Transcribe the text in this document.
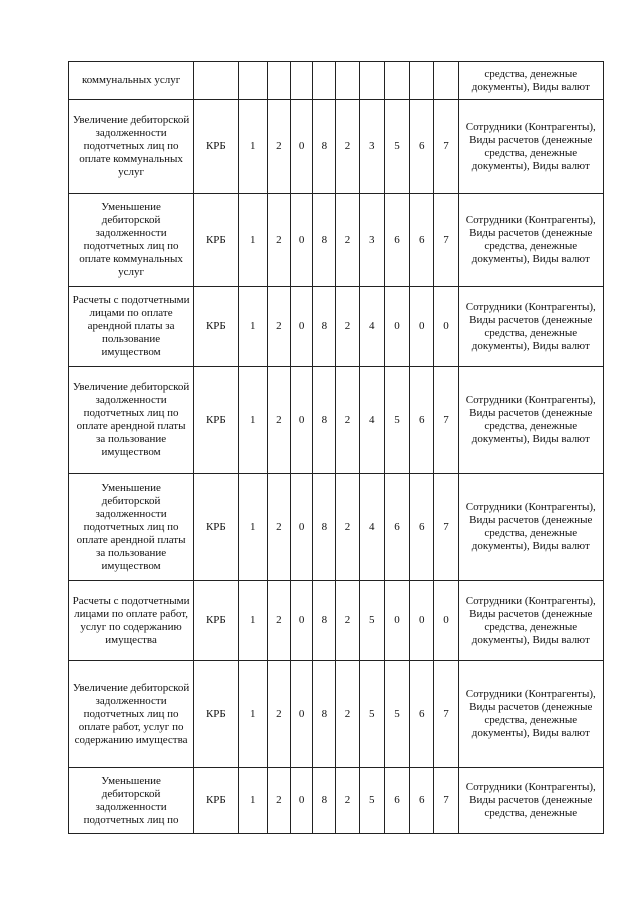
коммунальных услуг											средства, денежные документы), Виды валют
Увеличение дебиторской задолженности подотчетных лиц по оплате коммунальных услуг	КРБ	1	2	0	8	2	3	5	6	7	Сотрудники (Контрагенты), Виды расчетов (денежные средства, денежные документы), Виды валют
Уменьшение дебиторской задолженности подотчетных лиц по оплате коммунальных услуг	КРБ	1	2	0	8	2	3	6	6	7	Сотрудники (Контрагенты), Виды расчетов (денежные средства, денежные документы), Виды валют
Расчеты с подотчетными лицами по оплате арендной платы за пользование имуществом	КРБ	1	2	0	8	2	4	0	0	0	Сотрудники (Контрагенты), Виды расчетов (денежные средства, денежные документы), Виды валют
Увеличение дебиторской задолженности подотчетных лиц по оплате арендной платы за пользование имуществом	КРБ	1	2	0	8	2	4	5	6	7	Сотрудники (Контрагенты), Виды расчетов (денежные средства, денежные документы), Виды валют
Уменьшение дебиторской задолженности подотчетных лиц по оплате арендной платы за пользование имуществом	КРБ	1	2	0	8	2	4	6	6	7	Сотрудники (Контрагенты), Виды расчетов (денежные средства, денежные документы), Виды валют
Расчеты с подотчетными лицами по оплате работ, услуг по содержанию имущества	КРБ	1	2	0	8	2	5	0	0	0	Сотрудники (Контрагенты), Виды расчетов (денежные средства, денежные документы), Виды валют
Увеличение дебиторской задолженности подотчетных лиц по оплате работ, услуг по содержанию имущества	КРБ	1	2	0	8	2	5	5	6	7	Сотрудники (Контрагенты), Виды расчетов (денежные средства, денежные документы), Виды валют
Уменьшение дебиторской задолженности подотчетных лиц по	КРБ	1	2	0	8	2	5	6	6	7	Сотрудники (Контрагенты), Виды расчетов (денежные средства, денежные
